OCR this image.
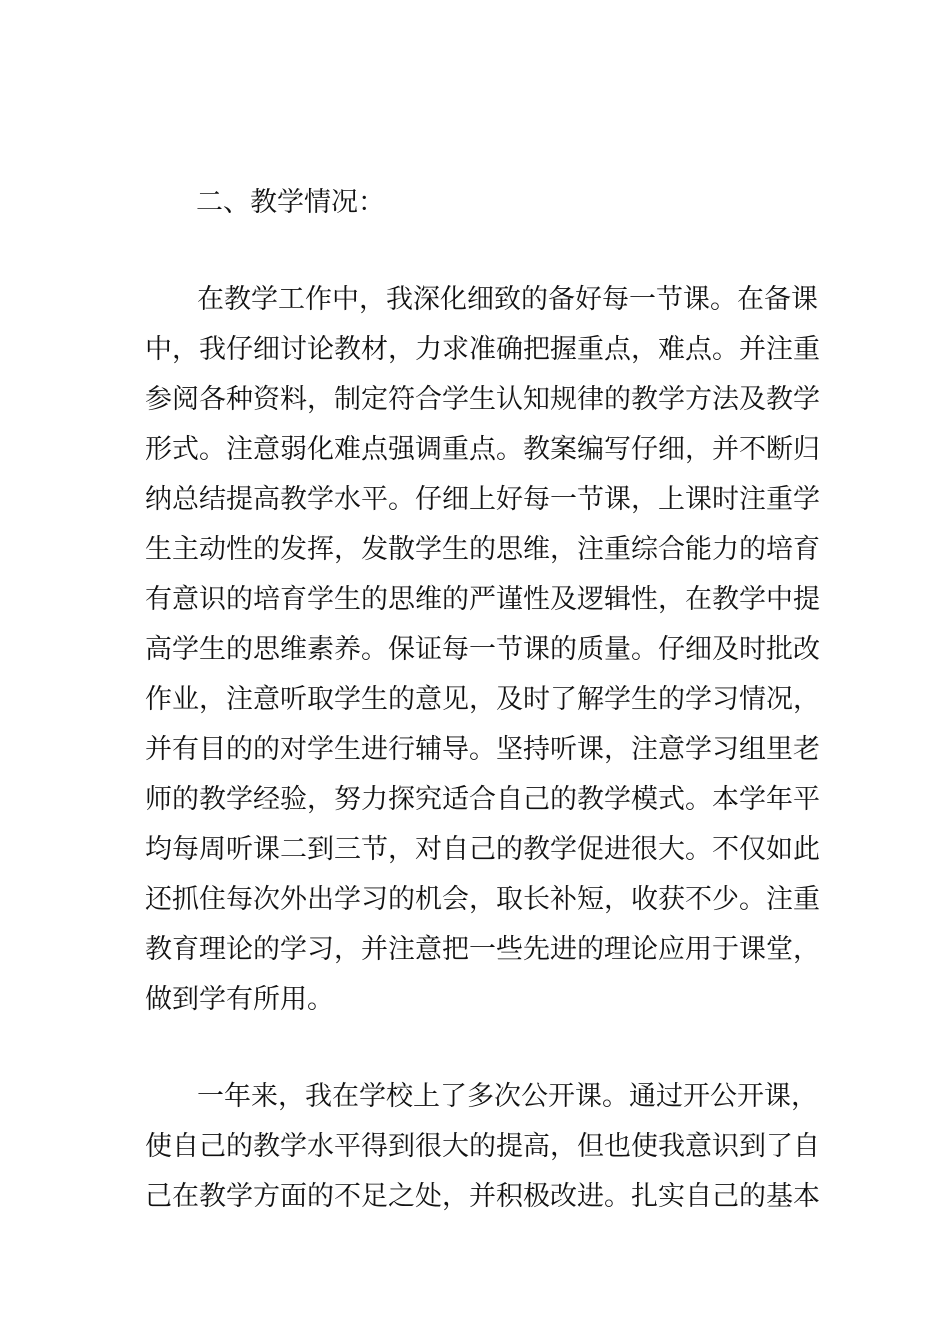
二、教学情况：
在教学工作中，我深化细致的备好每一节课。在备课
中，我仔细讨论教材，力求准确把握重点，难点。并注重
参阅各种资料，制定符合学生认知规律的教学方法及教学
形式。注意弱化难点强调重点。教案编写仔细，并不断归
纳总结提高教学水平。仔细上好每一节课，上课时注重学
生主动性的发挥，发散学生的思维，注重综合能力的培育
有意识的培育学生的思维的严谨性及逻辑性，在教学中提
高学生的思维素养。保证每一节课的质量。仔细及时批改
作业，注意听取学生的意见，及时了解学生的学习情况，
并有目的的对学生进行辅导。坚持听课，注意学习组里老
师的教学经验，努力探究适合自己的教学模式。本学年平
均每周听课二到三节，对自己的教学促进很大。不仅如此
还抓住每次外出学习的机会，取长补短，收获不少。注重
教育理论的学习，并注意把一些先进的理论应用于课堂，
做到学有所用。
一年来，我在学校上了多次公开课。通过开公开课，
使自己的教学水平得到很大的提高，但也使我意识到了自
己在教学方面的不足之处，并积极改进。扎实自己的基本
